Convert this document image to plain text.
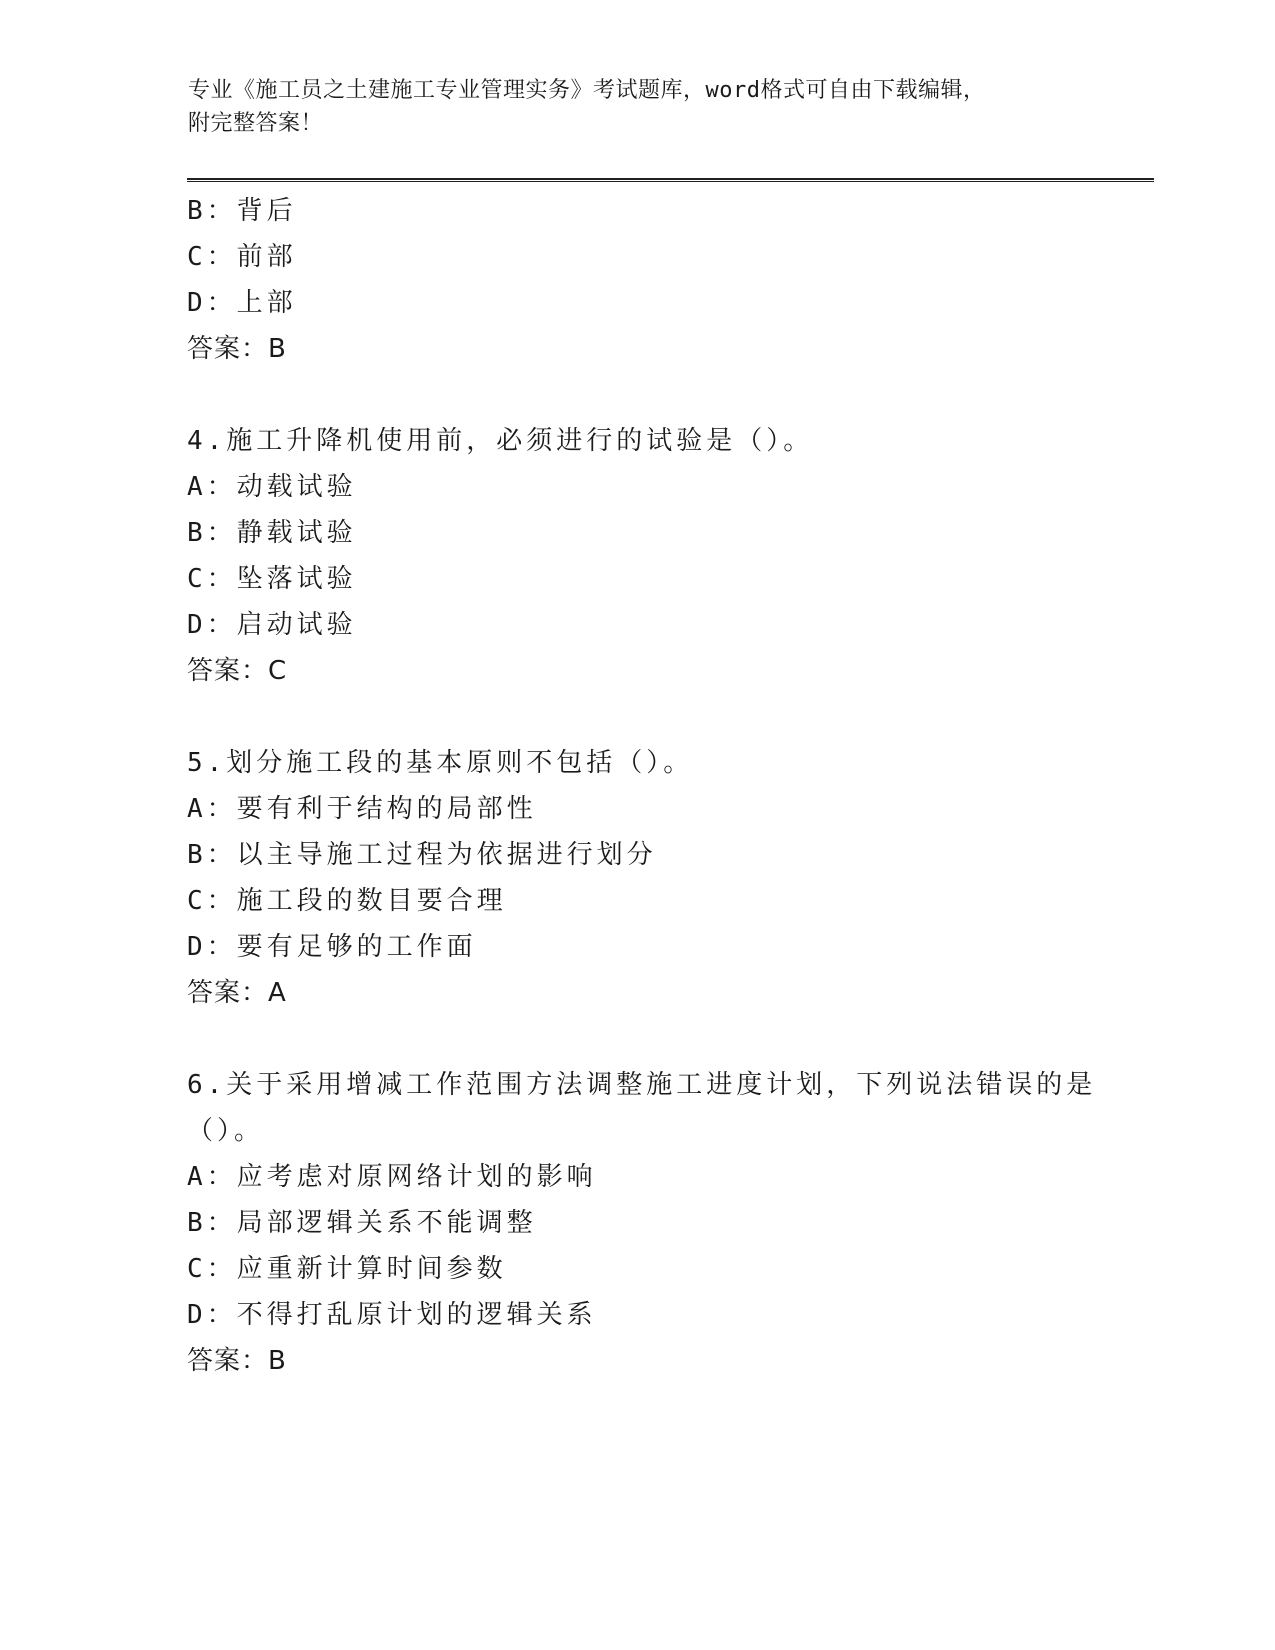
专业《施工员之土建施工专业管理实务》考试题库，word格式可自由下载编辑，
附完整答案！
B：背后
C：前部
D：上部
答案：B
4.施工升降机使用前，必须进行的试验是（）。
A：动载试验
B：静载试验
C：坠落试验
D：启动试验
答案：C
5.划分施工段的基本原则不包括（）。
A：要有利于结构的局部性
B：以主导施工过程为依据进行划分
C：施工段的数目要合理
D：要有足够的工作面
答案：A
6.关于采用增减工作范围方法调整施工进度计划，下列说法错误的是
（）。
A：应考虑对原网络计划的影响
B：局部逻辑关系不能调整
C：应重新计算时间参数
D：不得打乱原计划的逻辑关系
答案：B
